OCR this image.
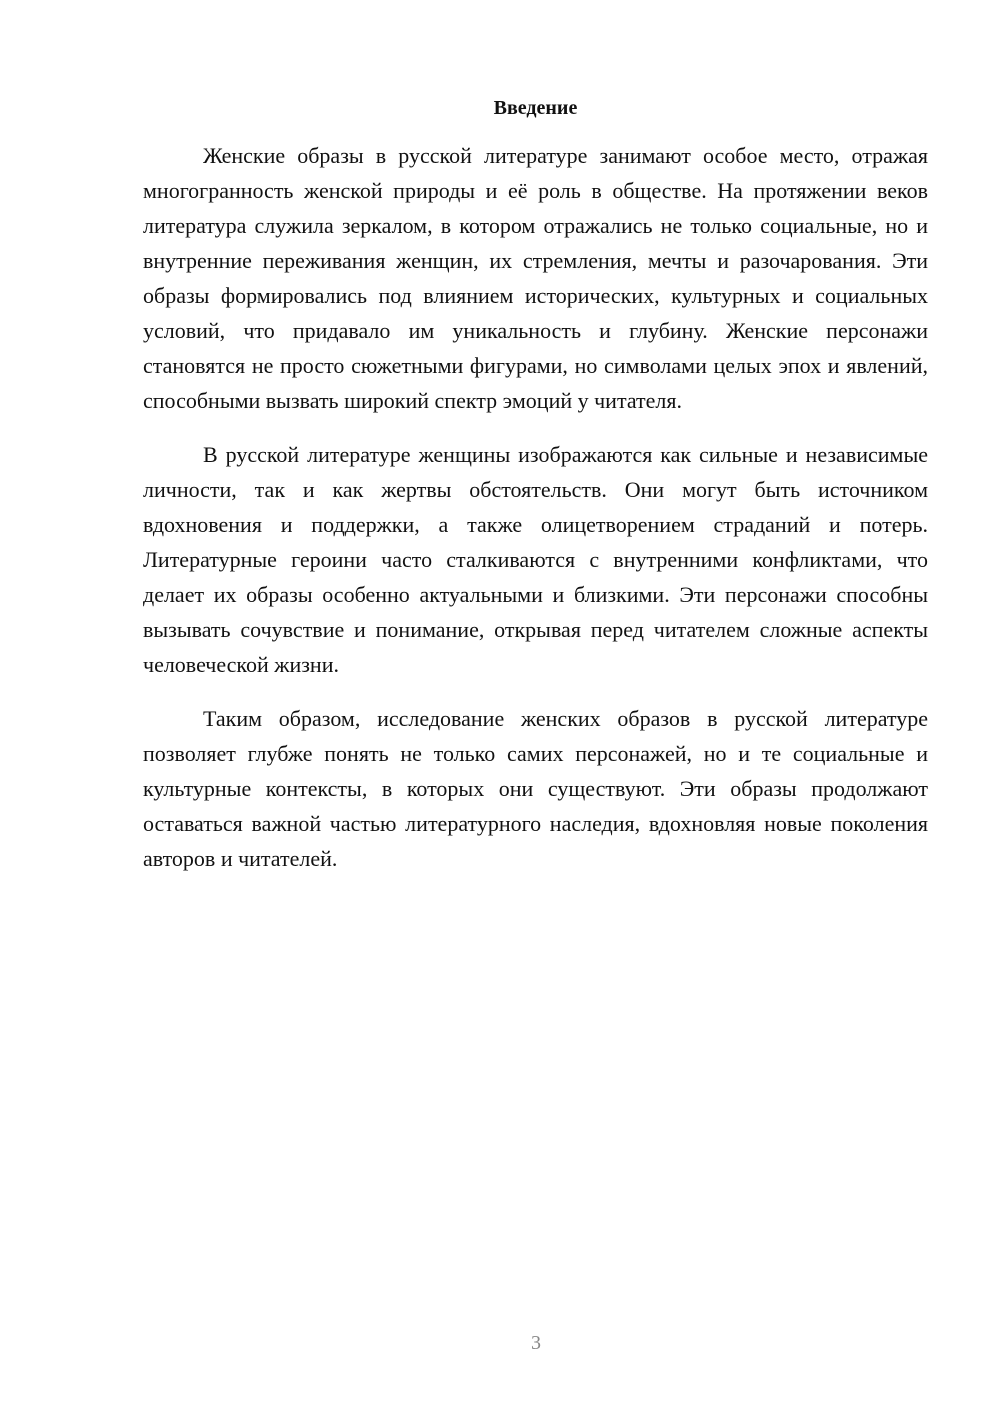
Введение

Женские образы в русской литературе занимают особое место, отражая многогранность женской природы и её роль в обществе. На протяжении веков литература служила зеркалом, в котором отражались не только социальные, но и внутренние переживания женщин, их стремления, мечты и разочарования. Эти образы формировались под влиянием исторических, культурных и социальных условий, что придавало им уникальность и глубину. Женские персонажи становятся не просто сюжетными фигурами, но символами целых эпох и явлений, способными вызвать широкий спектр эмоций у читателя.

В русской литературе женщины изображаются как сильные и независимые личности, так и как жертвы обстоятельств. Они могут быть источником вдохновения и поддержки, а также олицетворением страданий и потерь. Литературные героини часто сталкиваются с внутренними конфликтами, что делает их образы особенно актуальными и близкими. Эти персонажи способны вызывать сочувствие и понимание, открывая перед читателем сложные аспекты человеческой жизни.

Таким образом, исследование женских образов в русской литературе позволяет глубже понять не только самих персонажей, но и те социальные и культурные контексты, в которых они существуют. Эти образы продолжают оставаться важной частью литературного наследия, вдохновляя новые поколения авторов и читателей.

3
